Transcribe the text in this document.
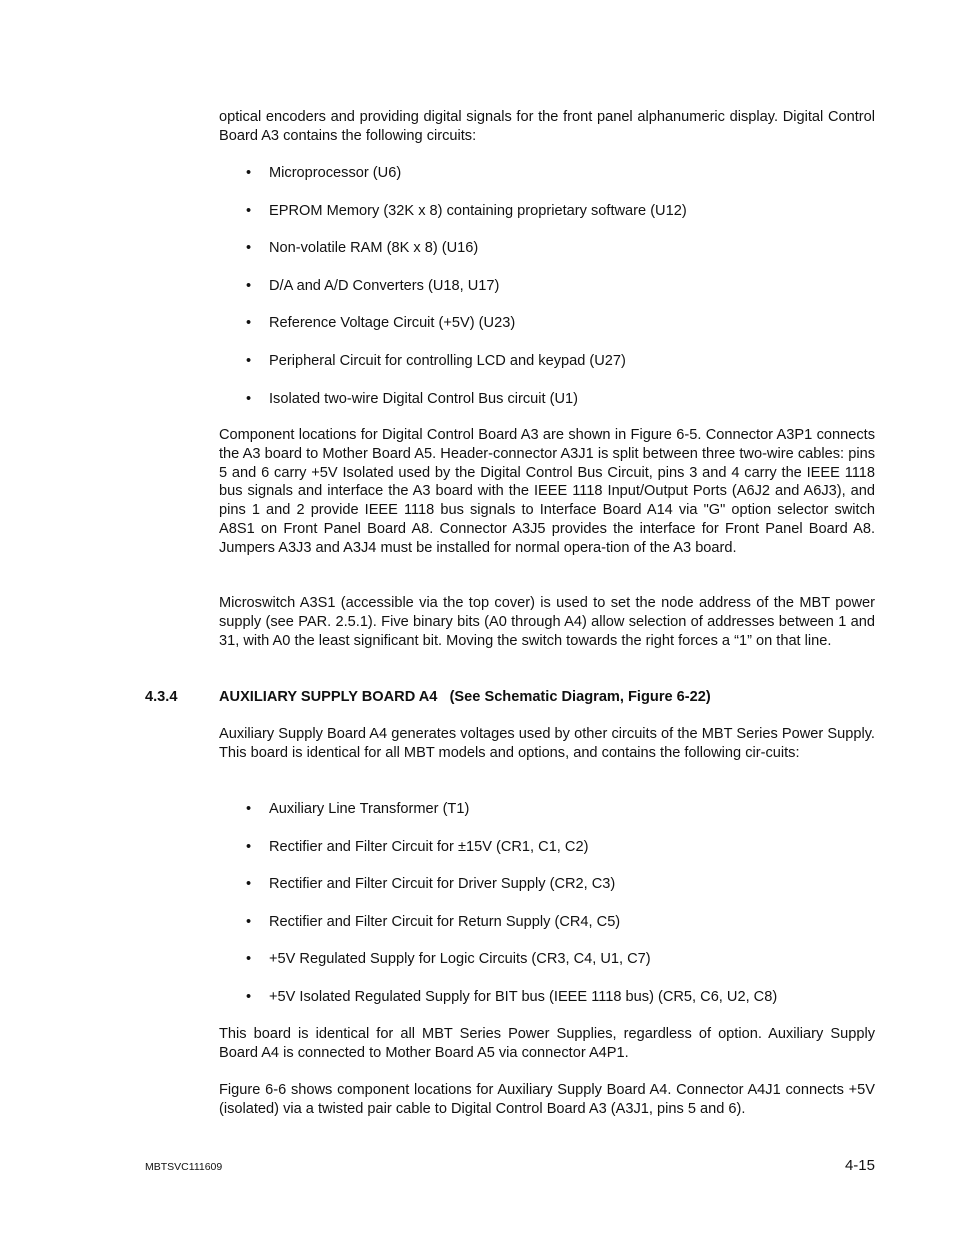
optical encoders and providing digital signals for the front panel alphanumeric display. Digital Control Board A3 contains the following circuits:

• Microprocessor (U6)
• EPROM Memory (32K x 8) containing proprietary software (U12)
• Non-volatile RAM (8K x 8) (U16)
• D/A and A/D Converters (U18, U17)
• Reference Voltage Circuit (+5V) (U23)
• Peripheral Circuit for controlling LCD and keypad (U27)
• Isolated two-wire Digital Control Bus circuit (U1)

Component locations for Digital Control Board A3 are shown in Figure 6-5. Connector A3P1 connects the A3 board to Mother Board A5. Header-connector A3J1 is split between three two-wire cables: pins 5 and 6 carry +5V Isolated used by the Digital Control Bus Circuit, pins 3 and 4 carry the IEEE 1118 bus signals and interface the A3 board with the IEEE 1118 Input/Output Ports (A6J2 and A6J3), and pins 1 and 2 provide IEEE 1118 bus signals to Interface Board A14 via "G" option selector switch A8S1 on Front Panel Board A8. Connector A3J5 provides the interface for Front Panel Board A8. Jumpers A3J3 and A3J4 must be installed for normal opera-tion of the A3 board.

Microswitch A3S1 (accessible via the top cover) is used to set the node address of the MBT power supply (see PAR. 2.5.1). Five binary bits (A0 through A4) allow selection of addresses between 1 and 31, with A0 the least significant bit. Moving the switch towards the right forces a “1” on that line.

4.3.4	AUXILIARY SUPPLY BOARD A4   (See Schematic Diagram, Figure 6-22)

Auxiliary Supply Board A4 generates voltages used by other circuits of the MBT Series Power Supply. This board is identical for all MBT models and options, and contains the following cir-cuits:

• Auxiliary Line Transformer (T1)
• Rectifier and Filter Circuit for ±15V (CR1, C1, C2)
• Rectifier and Filter Circuit for Driver Supply (CR2, C3)
• Rectifier and Filter Circuit for Return Supply (CR4, C5)
• +5V Regulated Supply for Logic Circuits (CR3, C4, U1, C7)
• +5V Isolated Regulated Supply for BIT bus (IEEE 1118 bus) (CR5, C6, U2, C8)

This board is identical for all MBT Series Power Supplies, regardless of option. Auxiliary Supply Board A4 is connected to Mother Board A5 via connector A4P1.

Figure 6-6 shows component locations for Auxiliary Supply Board A4. Connector A4J1 connects +5V (isolated) via a twisted pair cable to Digital Control Board A3 (A3J1, pins 5 and 6).

MBTSVC111609	4-15
